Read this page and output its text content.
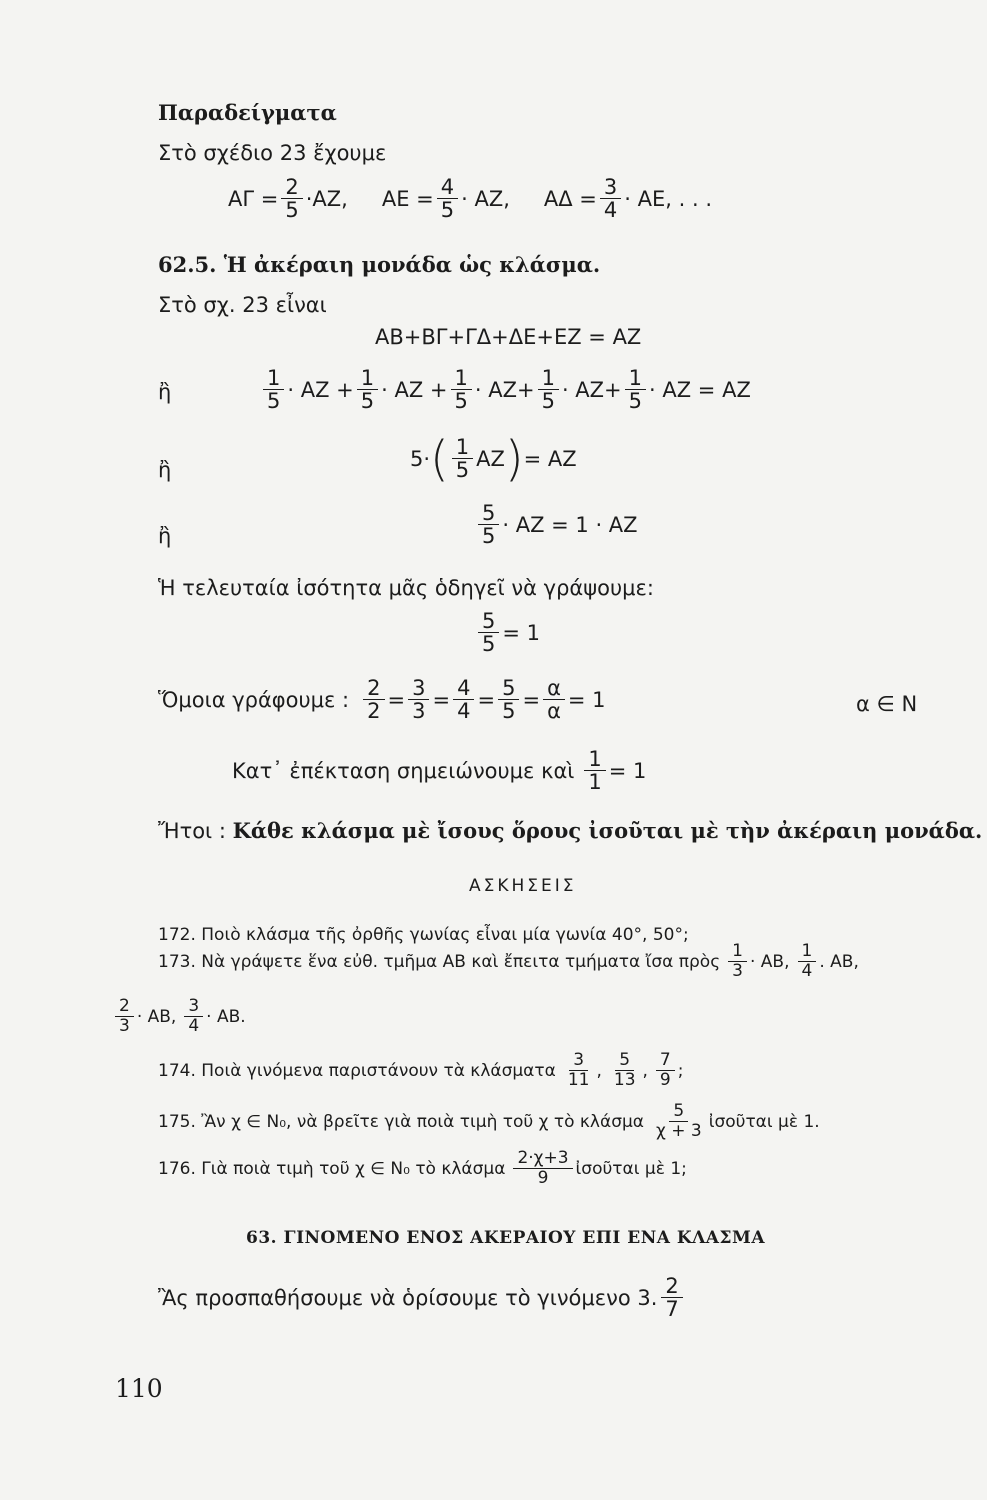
Παραδείγματα
Στὸ σχέδιο 23 ἔχουμε
$A\Gamma = \frac{2}{5} \cdot AZ$, $AE = \frac{4}{5} \cdot AZ$, $A\Delta = \frac{3}{4} \cdot AE$, . . .
62.5. Ἡ ἀκέραιη μονάδα ὡς κλάσμα.
Στὸ σχ. 23 εἶναι
ΑΒ+ΒΓ+ΓΔ+ΔΕ+ΕΖ = ΑΖ
ἢ	$\frac{1}{5} \cdot AZ + \frac{1}{5} \cdot AZ + \frac{1}{5} \cdot AZ+ \frac{1}{5} \cdot AZ+ \frac{1}{5} \cdot AZ = AZ$
ἢ	5· ( $\frac{1}{5}$ ΑΖ ) = ΑΖ
ἢ	$\frac{5}{5} \cdot AZ = 1 \cdot AZ$
Ἡ τελευταία ἰσότητα μᾶς ὁδηγεῖ νὰ γράψουμε:
$\frac{5}{5} = 1$
Ὅμοια γράφουμε : $\frac{2}{2} = \frac{3}{3} = \frac{4}{4} = \frac{5}{5} = \frac{\alpha}{\alpha} = 1$	α ∈ Ν
Κατ᾿ ἐπέκταση σημειώνουμε καὶ $\frac{1}{1} = 1$
Ἤτοι : Κάθε κλάσμα μὲ ἴσους ὅρους ἰσοῦται μὲ τὴν ἀκέραιη μονάδα.
ΑΣΚΗΣΕΙΣ
172. Ποιὸ κλάσμα τῆς ὀρθῆς γωνίας εἶναι μία γωνία 40°, 50°;
173. Νὰ γράψετε ἕνα εὐθ. τμῆμα ΑΒ καὶ ἔπειτα τμήματα ἴσα πρὸς $\frac{1}{3} \cdot AB$, $\frac{1}{4}$ . ΑΒ,
$\frac{2}{3} \cdot AB$, $\frac{3}{4} \cdot AB$.
174. Ποιὰ γινόμενα παριστάνουν τὰ κλάσματα $\frac{3}{11}$ , $\frac{5}{13}$ , $\frac{7}{9}$ ;
175. Ἂν χ ∈ Ν₀, νὰ βρεῖτε γιὰ ποιὰ τιμὴ τοῦ χ τὸ κλάσμα $\frac{5}{\chi + 3}$ ἰσοῦται μὲ 1.
176. Γιὰ ποιὰ τιμὴ τοῦ χ ∈ Ν₀ τὸ κλάσμα $\frac{2\cdot\chi+3}{9}$ ἰσοῦται μὲ 1;
63. ΓΙΝΟΜΕΝΟ ΕΝΟΣ ΑΚΕΡΑΙΟΥ ΕΠΙ ΕΝΑ ΚΛΑΣΜΑ
Ἂς προσπαθήσουμε νὰ ὁρίσουμε τὸ γινόμενο 3. $\frac{2}{7}$
110
